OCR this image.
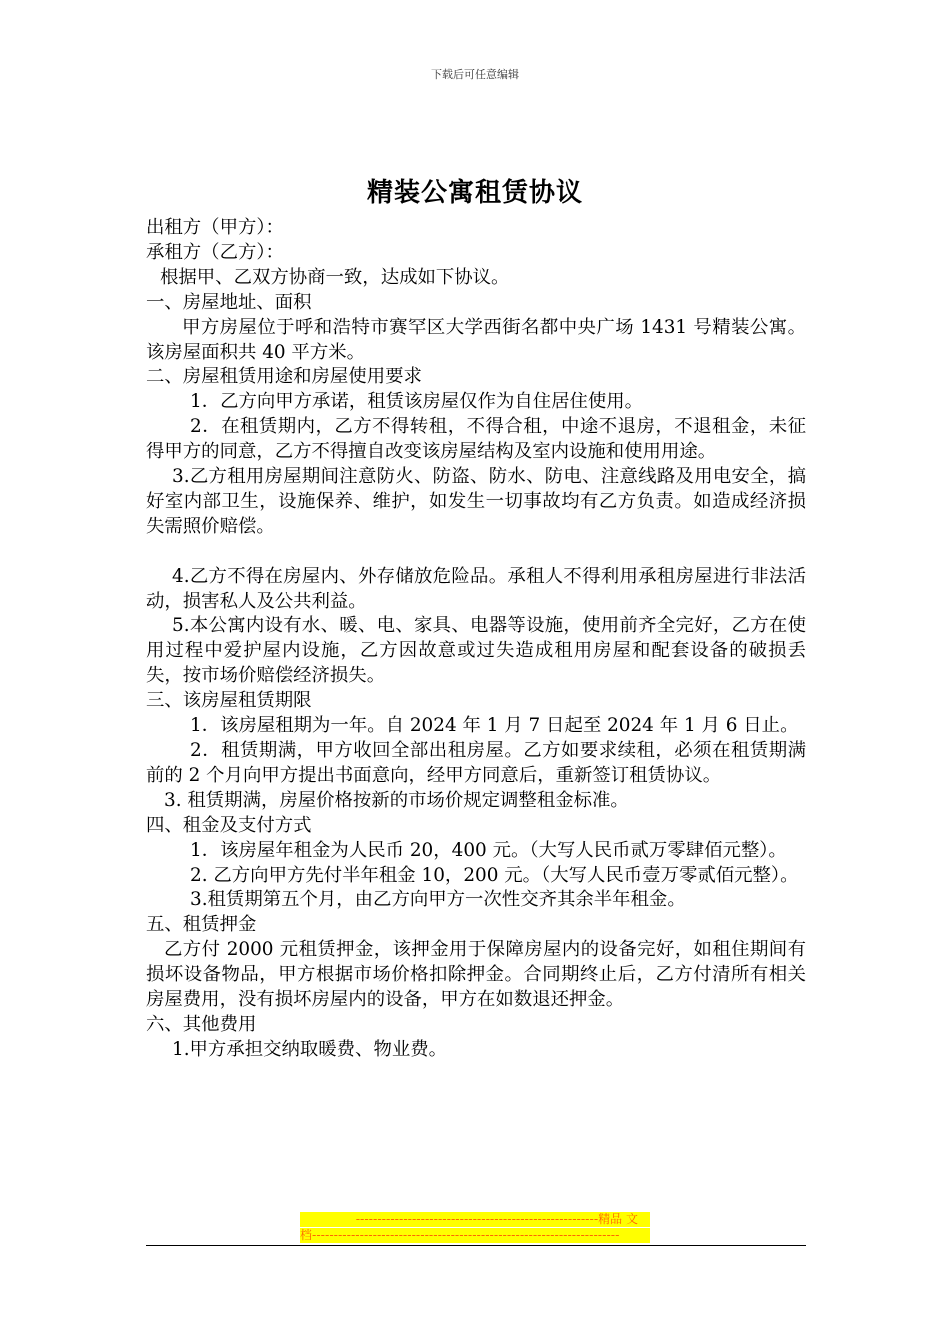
下载后可任意编辑
精装公寓租赁协议

出租方（甲方）：

承租方（乙方）：

根据甲、乙双方协商一致，达成如下协议。

一、房屋地址、面积

甲方房屋位于呼和浩特市赛罕区大学西街名都中央广场 1431 号精装公寓。该房屋面积共 40 平方米。

二、房屋租赁用途和房屋使用要求

1．乙方向甲方承诺，租赁该房屋仅作为自住居住使用。

2．在租赁期内，乙方不得转租，不得合租，中途不退房，不退租金，未征得甲方的同意，乙方不得擅自改变该房屋结构及室内设施和使用用途。

3.乙方租用房屋期间注意防火、防盗、防水、防电、注意线路及用电安全，搞好室内部卫生，设施保养、维护，如发生一切事故均有乙方负责。如造成经济损失需照价赔偿。

4.乙方不得在房屋内、外存储放危险品。承租人不得利用承租房屋进行非法活动，损害私人及公共利益。

5.本公寓内设有水、暖、电、家具、电器等设施，使用前齐全完好，乙方在使用过程中爱护屋内设施，乙方因故意或过失造成租用房屋和配套设备的破损丢失，按市场价赔偿经济损失。

三、该房屋租赁期限

1．该房屋租期为一年。自 2024 年 1 月 7 日起至 2024 年 1 月 6 日止。

2．租赁期满，甲方收回全部出租房屋。乙方如要求续租，必须在租赁期满前的 2 个月向甲方提出书面意向，经甲方同意后，重新签订租赁协议。

3. 租赁期满，房屋价格按新的市场价规定调整租金标准。

四、租金及支付方式

1．该房屋年租金为人民币 20，400 元。（大写人民币贰万零肆佰元整）。

2. 乙方向甲方先付半年租金 10，200 元。（大写人民币壹万零贰佰元整）。

3.租赁期第五个月，由乙方向甲方一次性交齐其余半年租金。

五、租赁押金

乙方付 2000 元租赁押金，该押金用于保障房屋内的设备完好，如租住期间有损坏设备物品，甲方根据市场价格扣除押金。合同期终止后，乙方付清所有相关房屋费用，没有损坏房屋内的设备，甲方在如数退还押金。

六、其他费用

1.甲方承担交纳取暖费、物业费。

--------------------------------------------------------精品 文
档-----------------------------------------------------------------------
